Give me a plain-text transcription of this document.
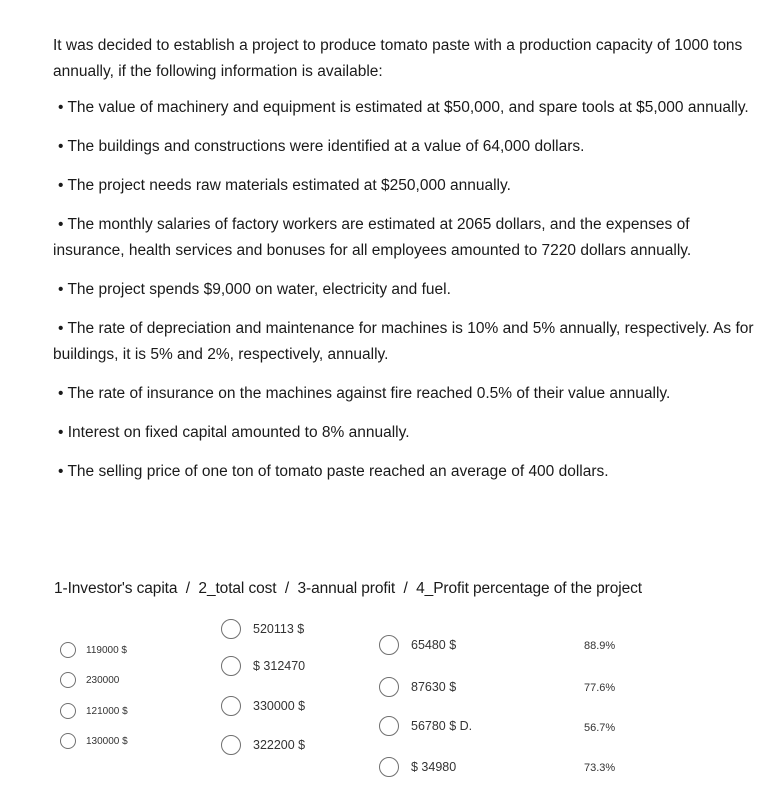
It was decided to establish a project to produce tomato paste with a production capacity of 1000 tons annually, if the following information is available:

• The value of machinery and equipment is estimated at $50,000, and spare tools at $5,000 annually.

• The buildings and constructions were identified at a value of 64,000 dollars.

• The project needs raw materials estimated at $250,000 annually.

• The monthly salaries of factory workers are estimated at 2065 dollars, and the expenses of insurance, health services and bonuses for all employees amounted to 7220 dollars annually.

• The project spends $9,000 on water, electricity and fuel.

• The rate of depreciation and maintenance for machines is 10% and 5% annually, respectively. As for buildings, it is 5% and 2%, respectively, annually.

• The rate of insurance on the machines against fire reached 0.5% of their value annually.

• Interest on fixed capital amounted to 8% annually.

• The selling price of one ton of tomato paste reached an average of 400 dollars.

1-Investor's capita  /  2_total cost  /  3-annual profit  /  4_Profit percentage of the project
119000 $
230000
121000 $
130000 $
520113 $
$ 312470
330000 $
322200 $
65480 $
87630 $
56780 $ D.
$ 34980
88.9%
77.6%
56.7%
73.3%
